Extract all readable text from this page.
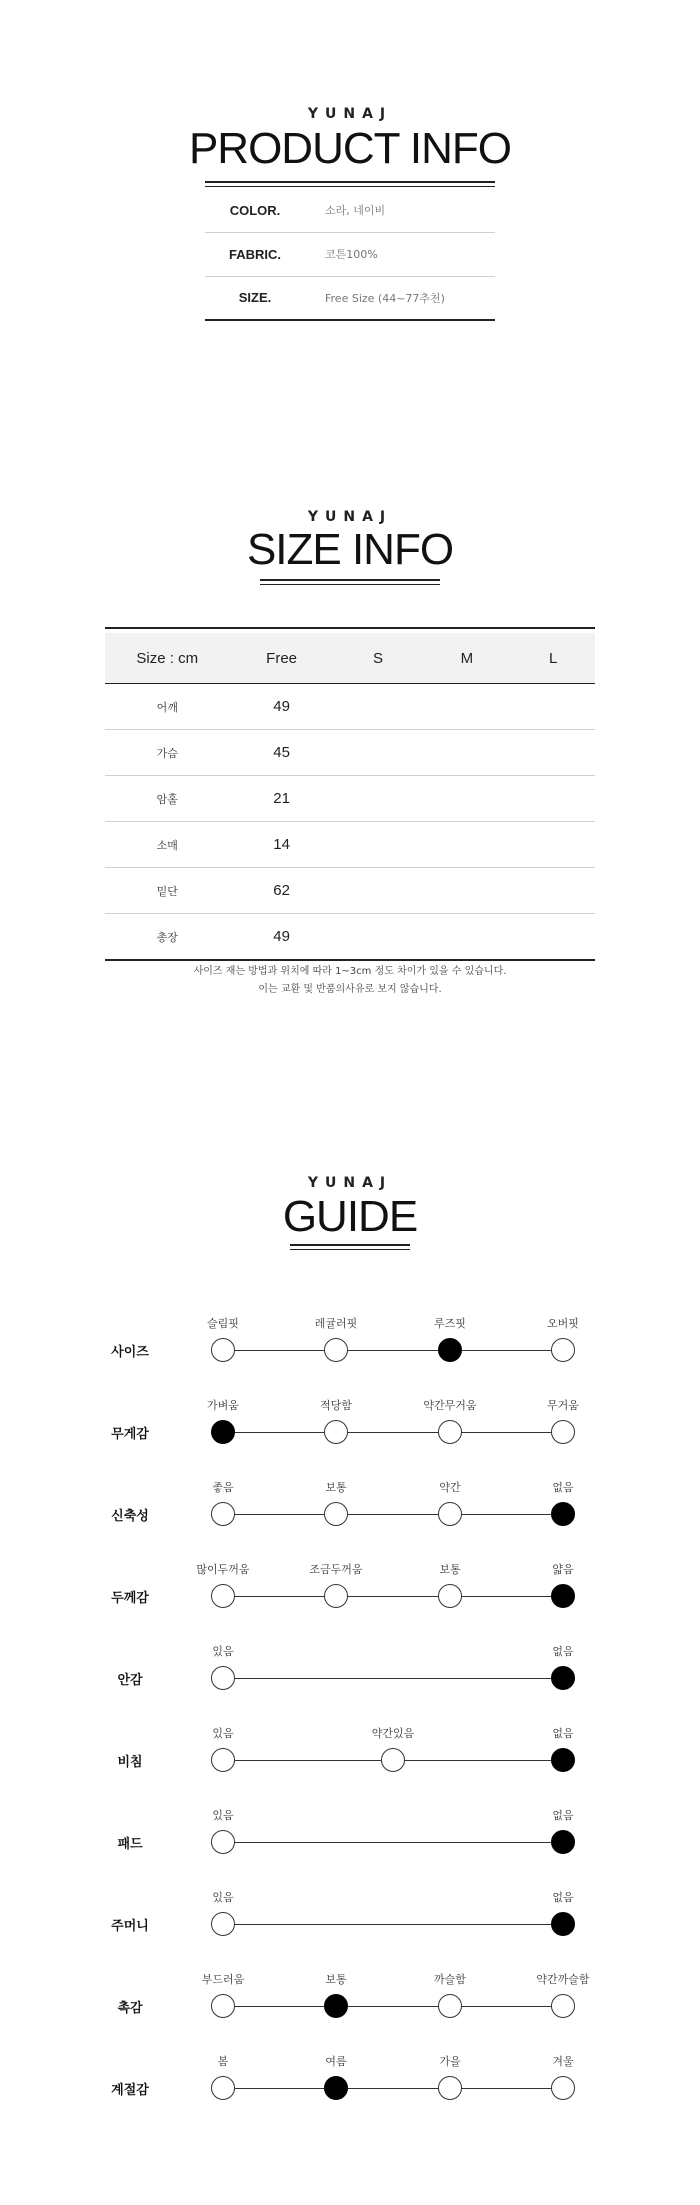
YUNAJ
PRODUCT INFO
COLOR.	소라, 네이비
FABRIC.	코튼100%
SIZE.	Free Size (44~77추천)
YUNAJ
SIZE INFO
Size : cm	Free	S	M	L
어깨	49			
가슴	45			
암홀	21			
소매	14			
밑단	62			
총장	49			
사이즈 재는 방법과 위치에 따라 1~3cm 정도 차이가 있을 수 있습니다.
이는 교환 및 반품의사유로 보지 않습니다.
YUNAJ
GUIDE
사이즈
슬림핏	레귤러핏	루즈핏	오버핏
무게감
가벼움	적당함	약간무거움	무거움
신축성
좋음	보통	약간	없음
두께감
많이두꺼움	조금두꺼움	보통	얇음
안감
있음	없음
비침
있음	약간있음	없음
패드
있음	없음
주머니
있음	없음
촉감
부드러움	보통	까슬함	약간까슬함
계절감
봄	여름	가을	겨울
